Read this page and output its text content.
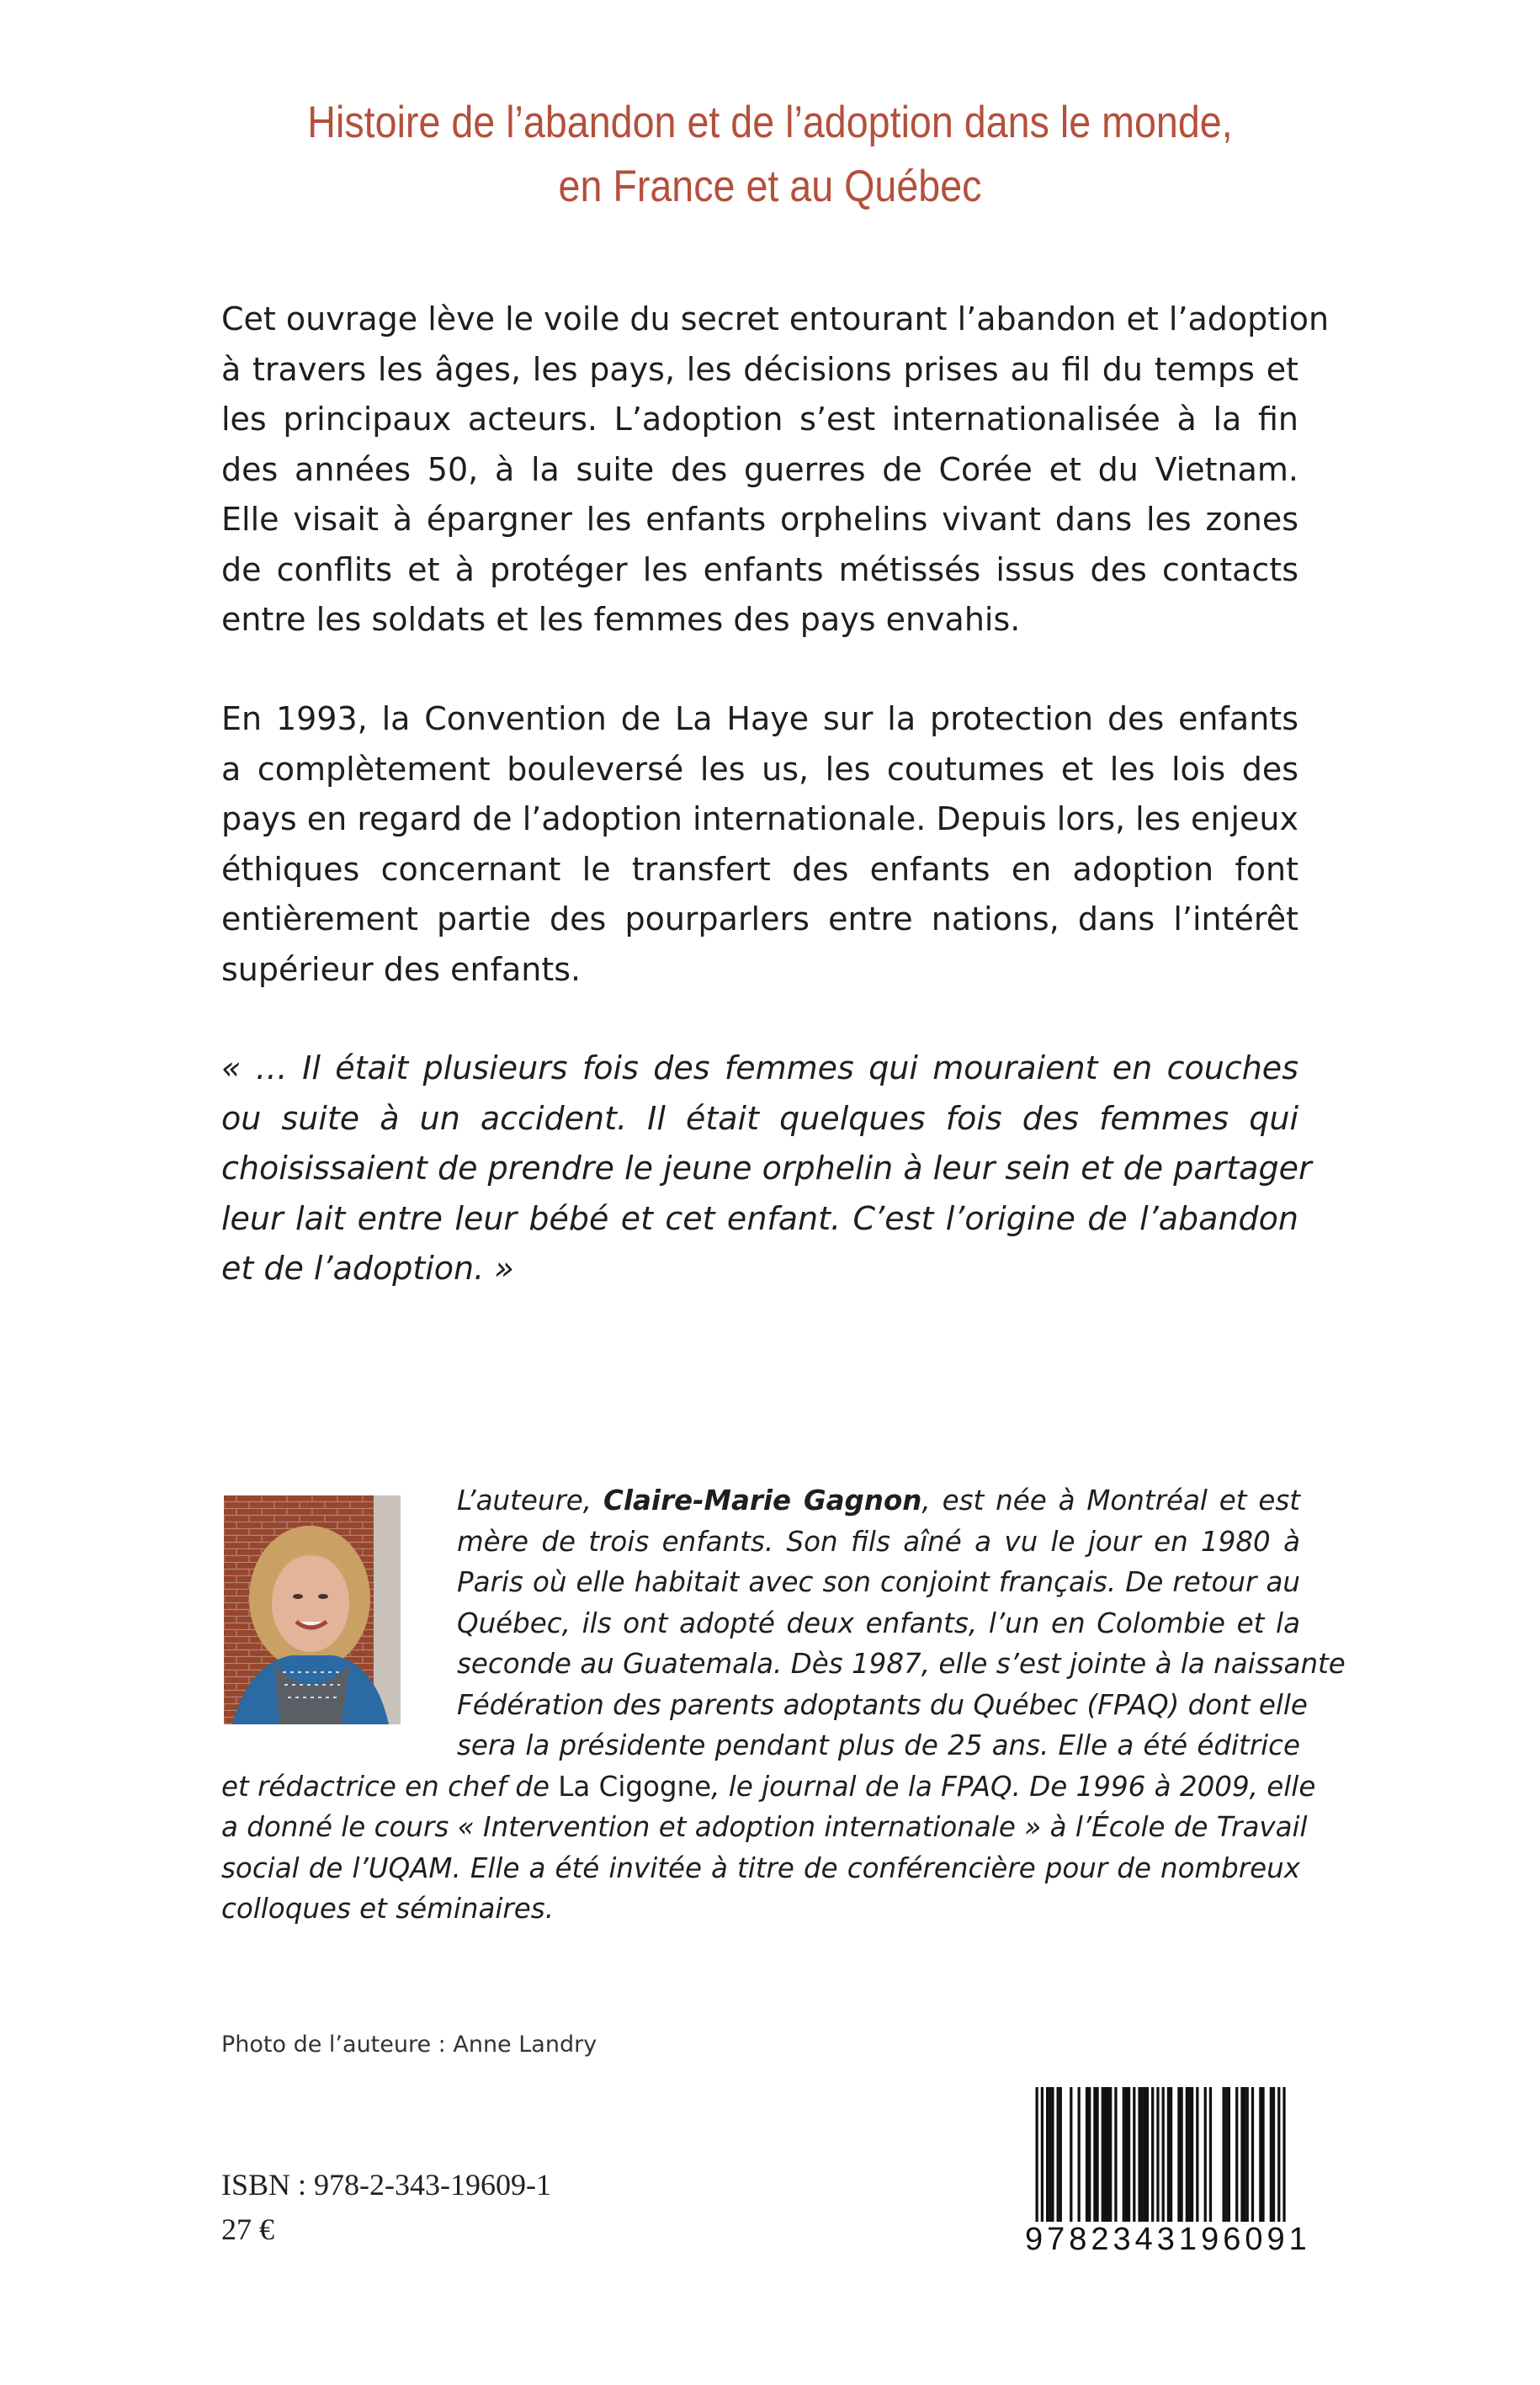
Histoire de l’abandon et de l’adoption dans le monde,
en France et au Québec

Cet ouvrage lève le voile du secret entourant l’abandon et l’adoption
à travers les âges, les pays, les décisions prises au fil du temps et
les principaux acteurs. L’adoption s’est internationalisée à la fin
des années 50, à la suite des guerres de Corée et du Vietnam.
Elle visait à épargner les enfants orphelins vivant dans les zones
de conflits et à protéger les enfants métissés issus des contacts
entre les soldats et les femmes des pays envahis.

En 1993, la Convention de La Haye sur la protection des enfants
a complètement bouleversé les us, les coutumes et les lois des
pays en regard de l’adoption internationale. Depuis lors, les enjeux
éthiques concernant le transfert des enfants en adoption font
entièrement partie des pourparlers entre nations, dans l’intérêt
supérieur des enfants.

« … Il était plusieurs fois des femmes qui mouraient en couches
ou suite à un accident. Il était quelques fois des femmes qui
choisissaient de prendre le jeune orphelin à leur sein et de partager
leur lait entre leur bébé et cet enfant. C’est l’origine de l’abandon
et de l’adoption. »

L’auteure, Claire-Marie Gagnon, est née à Montréal et est
mère de trois enfants. Son fils aîné a vu le jour en 1980 à
Paris où elle habitait avec son conjoint français. De retour au
Québec, ils ont adopté deux enfants, l’un en Colombie et la
seconde au Guatemala. Dès 1987, elle s’est jointe à la naissante
Fédération des parents adoptants du Québec (FPAQ) dont elle
sera la présidente pendant plus de 25 ans. Elle a été éditrice
et rédactrice en chef de La Cigogne, le journal de la FPAQ. De 1996 à 2009, elle
a donné le cours « Intervention et adoption internationale » à l’École de Travail
social de l’UQAM. Elle a été invitée à titre de conférencière pour de nombreux
colloques et séminaires.

Photo de l’auteure : Anne Landry

ISBN : 978-2-343-19609-1

27 €	9782343196091
